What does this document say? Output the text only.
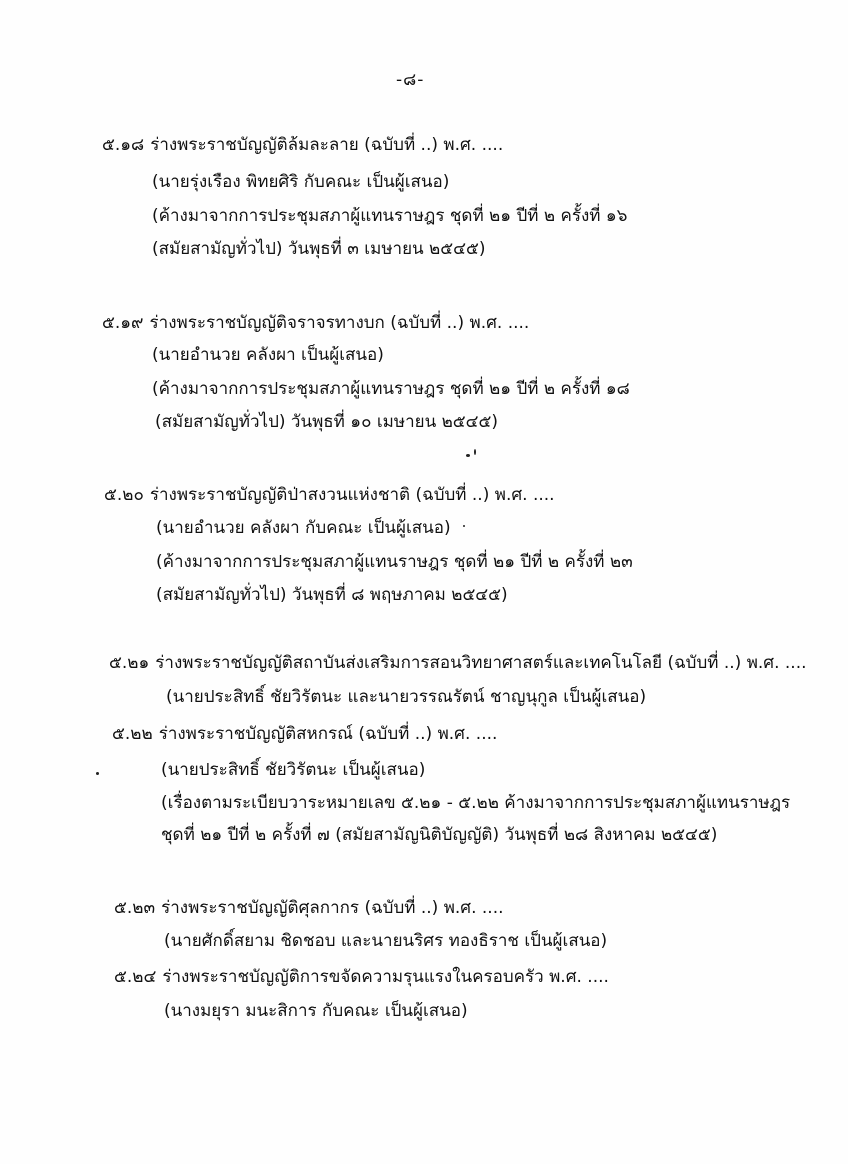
-๘-
๕.๑๘ ร่างพระราชบัญญัติล้มละลาย (ฉบับที่ ..) พ.ศ. ....
(นายรุ่งเรือง พิทยศิริ กับคณะ เป็นผู้เสนอ)
(ค้างมาจากการประชุมสภาผู้แทนราษฎร ชุดที่ ๒๑ ปีที่ ๒ ครั้งที่ ๑๖
(สมัยสามัญทั่วไป) วันพุธที่ ๓ เมษายน ๒๕๔๕)
๕.๑๙ ร่างพระราชบัญญัติจราจรทางบก (ฉบับที่ ..) พ.ศ. ....
(นายอำนวย คลังผา เป็นผู้เสนอ)
(ค้างมาจากการประชุมสภาผู้แทนราษฎร ชุดที่ ๒๑ ปีที่ ๒ ครั้งที่ ๑๘
(สมัยสามัญทั่วไป) วันพุธที่ ๑๐ เมษายน ๒๕๔๕)
๕.๒๐ ร่างพระราชบัญญัติป่าสงวนแห่งชาติ (ฉบับที่ ..) พ.ศ. ....
(นายอำนวย คลังผา กับคณะ เป็นผู้เสนอ)
(ค้างมาจากการประชุมสภาผู้แทนราษฎร ชุดที่ ๒๑ ปีที่ ๒ ครั้งที่ ๒๓
(สมัยสามัญทั่วไป) วันพุธที่ ๘ พฤษภาคม ๒๕๔๕)
๕.๒๑ ร่างพระราชบัญญัติสถาบันส่งเสริมการสอนวิทยาศาสตร์และเทคโนโลยี (ฉบับที่ ..) พ.ศ. ....
(นายประสิทธิ์ ชัยวิรัตนะ และนายวรรณรัตน์ ชาญนุกูล เป็นผู้เสนอ)
๕.๒๒ ร่างพระราชบัญญัติสหกรณ์ (ฉบับที่ ..) พ.ศ. ....
(นายประสิทธิ์ ชัยวิรัตนะ เป็นผู้เสนอ)
(เรื่องตามระเบียบวาระหมายเลข ๕.๒๑ - ๕.๒๒ ค้างมาจากการประชุมสภาผู้แทนราษฎร
ชุดที่ ๒๑ ปีที่ ๒ ครั้งที่ ๗ (สมัยสามัญนิติบัญญัติ) วันพุธที่ ๒๘ สิงหาคม ๒๕๔๕)
๕.๒๓ ร่างพระราชบัญญัติศุลกากร (ฉบับที่ ..) พ.ศ. ....
(นายศักดิ์สยาม ชิดชอบ และนายนริศร ทองธิราช เป็นผู้เสนอ)
๕.๒๔ ร่างพระราชบัญญัติการขจัดความรุนแรงในครอบครัว พ.ศ. ....
(นางมยุรา มนะสิการ กับคณะ เป็นผู้เสนอ)
